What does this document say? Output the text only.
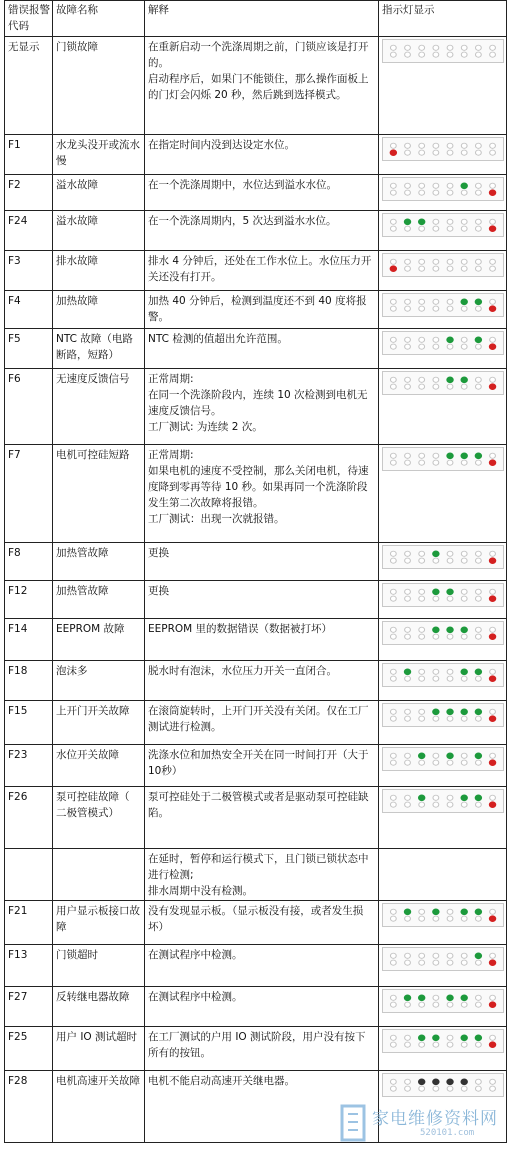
错误报警代码	故障名称	解释	指示灯显示
无显示	门锁故障	在重新启动一个洗涤周期之前，门锁应该是打开的。
启动程序后，如果门不能锁住，那么操作面板上的门灯会闪烁 20 秒，然后跳到选择模式。	

F1	水龙头没开或流水慢	在指定时间内没到达设定水位。	

F2	溢水故障	在一个洗涤周期中，水位达到溢水水位。	

F24	溢水故障	在一个洗涤周期内，5 次达到溢水水位。	

F3	排水故障	排水 4 分钟后，还处在工作水位上。水位压力开关还没有打开。	

F4	加热故障	加热 40 分钟后，检测到温度还不到 40 度将报警。	

F5	NTC 故障（电路断路，短路）	NTC 检测的值超出允许范围。	

F6	无速度反馈信号	正常周期:
在同一个洗涤阶段内，连续 10 次检测到电机无速度反馈信号。
工厂测试: 为连续 2 次。	

F7	电机可控硅短路	正常周期:
如果电机的速度不受控制，那么关闭电机，待速度降到零再等待 10 秒。如果再同一个洗涤阶段发生第二次故障将报错。
工厂测试：出现一次就报错。	

F8	加热管故障	更换	

F12	加热管故障	更换	

F14	EEPROM 故障	EEPROM 里的数据错误（数据被打坏）	

F18	泡沫多	脱水时有泡沫，水位压力开关一直闭合。	

F15	上开门开关故障	在滚筒旋转时，上开门开关没有关闭。仅在工厂测试进行检测。	

F23	水位开关故障	洗涤水位和加热安全开关在同一时间打开（大于 10秒）	

F26	泵可控硅故障（ 二极管模式）	泵可控硅处于二极管模式或者是驱动泵可控硅缺陷。	

		在延时，暂停和运行模式下，且门锁已锁状态中进行检测;
排水周期中没有检测。	
F21	用户显示板接口故障	没有发现显示板。（显示板没有接，或者发生损坏）	

F13	门锁超时	在测试程序中检测。	

F27	反转继电器故障	在测试程序中检测。	

F25	用户 IO 测试超时	在工厂测试的户用 IO 测试阶段，用户没有按下所有的按钮。	

F28	电机高速开关故障	电机不能启动高速开关继电器。	
家电维修资料网
520101.com
